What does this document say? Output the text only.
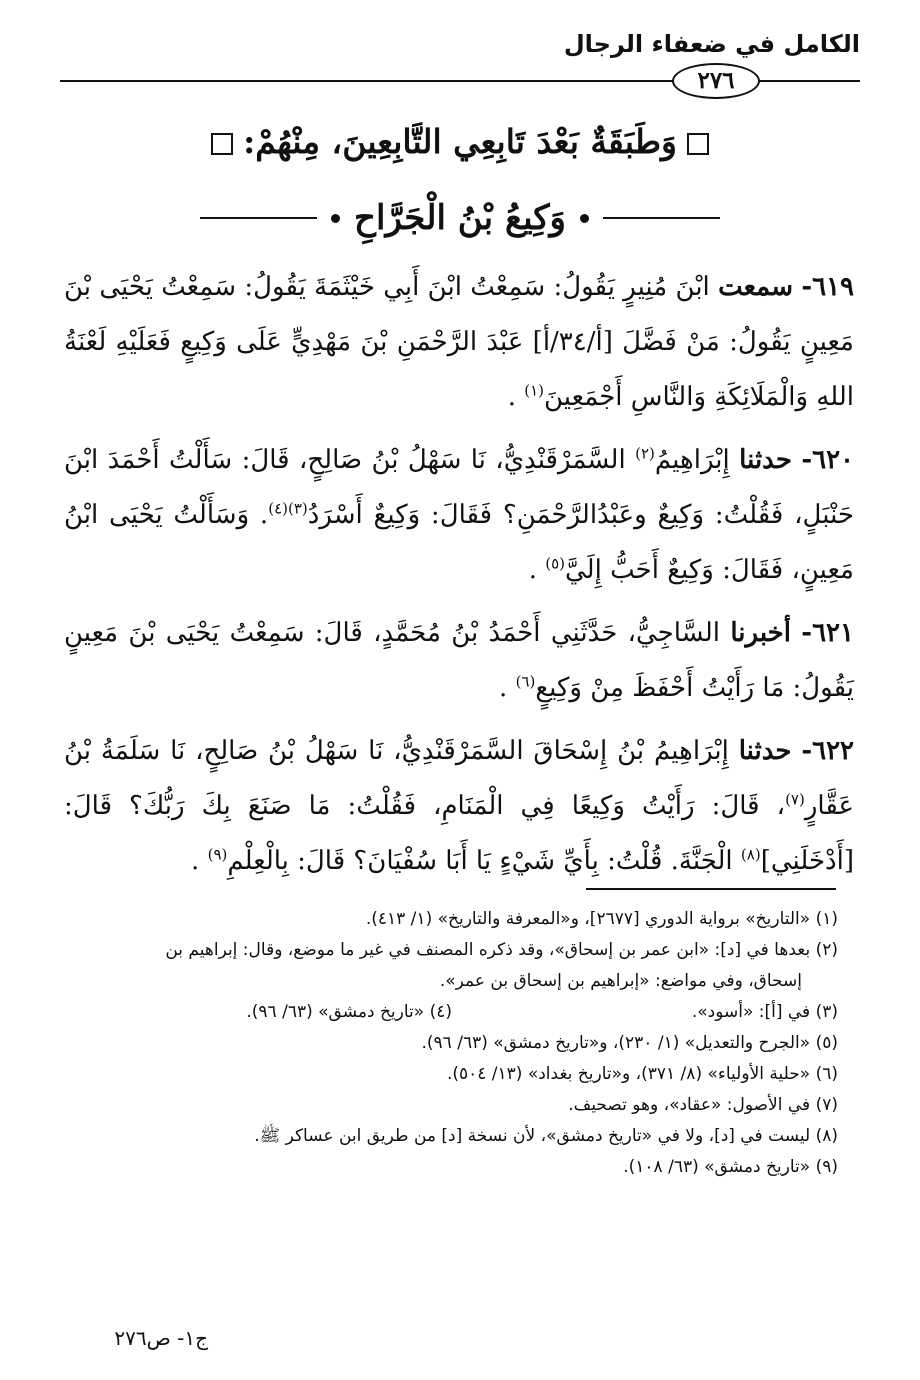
الكامل في ضعفاء الرجال
٢٧٦
وَطَبَقَةٌ بَعْدَ تَابِعِي التَّابِعِينَ، مِنْهُمْ:
وَكِيعُ بْنُ الْجَرَّاحِ

٦١٩- سمعت ابْنَ مُنِيرٍ يَقُولُ: سَمِعْتُ ابْنَ أَبِي خَيْثَمَةَ يَقُولُ: سَمِعْتُ يَحْيَى بْنَ مَعِينٍ يَقُولُ: مَنْ فَضَّلَ [أ/٣٤/أ] عَبْدَ الرَّحْمَنِ بْنَ مَهْدِيٍّ عَلَى وَكِيعٍ فَعَلَيْهِ لَعْنَةُ اللهِ وَالْمَلَائِكَةِ وَالنَّاسِ أَجْمَعِينَ$^{(١)}$ .

٦٢٠- حدثنا إِبْرَاهِيمُ$^{(٢)}$ السَّمَرْقَنْدِيُّ، نَا سَهْلُ بْنُ صَالِحٍ، قَالَ: سَأَلْتُ أَحْمَدَ ابْنَ حَنْبَلٍ، فَقُلْتُ: وَكِيعٌ وعَبْدُالرَّحْمَنِ؟ فَقَالَ: وَكِيعٌ أَسْرَدُ$^{(٣)(٤)}$. وَسَأَلْتُ يَحْيَى ابْنُ مَعِينٍ، فَقَالَ: وَكِيعٌ أَحَبُّ إِلَيَّ$^{(٥)}$ .

٦٢١- أخبرنا السَّاجِيُّ، حَدَّثَنِي أَحْمَدُ بْنُ مُحَمَّدٍ، قَالَ: سَمِعْتُ يَحْيَى بْنَ مَعِينٍ يَقُولُ: مَا رَأَيْتُ أَحْفَظَ مِنْ وَكِيعٍ$^{(٦)}$ .

٦٢٢- حدثنا إِبْرَاهِيمُ بْنُ إِسْحَاقَ السَّمَرْقَنْدِيُّ، نَا سَهْلُ بْنُ صَالِحٍ، نَا سَلَمَةُ بْنُ عَقَّارٍ$^{(٧)}$، قَالَ: رَأَيْتُ وَكِيعًا فِي الْمَنَامِ، فَقُلْتُ: مَا صَنَعَ بِكَ رَبُّكَ؟ قَالَ: [أَدْخَلَنِي]$^{(٨)}$ الْجَنَّةَ. قُلْتُ: بِأَيِّ شَيْءٍ يَا أَبَا سُفْيَانَ؟ قَالَ: بِالْعِلْمِ$^{(٩)}$ .

(١) «التاريخ» برواية الدوري [٢٦٧٧]، و«المعرفة والتاريخ» (١/ ٤١٣).

(٢) بعدها في [د]: «ابن عمر بن إسحاق»، وقد ذكره المصنف في غير ما موضع، وقال: إبراهيم بن

إسحاق، وفي مواضع: «إبراهيم بن إسحاق بن عمر».

(٣) في [أ]: «أسود».

(٤) «تاريخ دمشق» (٦٣/ ٩٦).

(٥) «الجرح والتعديل» (١/ ٢٣٠)، و«تاريخ دمشق» (٦٣/ ٩٦).

(٦) «حلية الأولياء» (٨/ ٣٧١)، و«تاريخ بغداد» (١٣/ ٥٠٤).

(٧) في الأصول: «عقاد»، وهو تصحيف.

(٨) ليست في [د]، ولا في «تاريخ دمشق»، لأن نسخة [د] من طريق ابن عساكر ﷺ.

(٩) «تاريخ دمشق» (٦٣/ ١٠٨).

ج١- ص٢٧٦
